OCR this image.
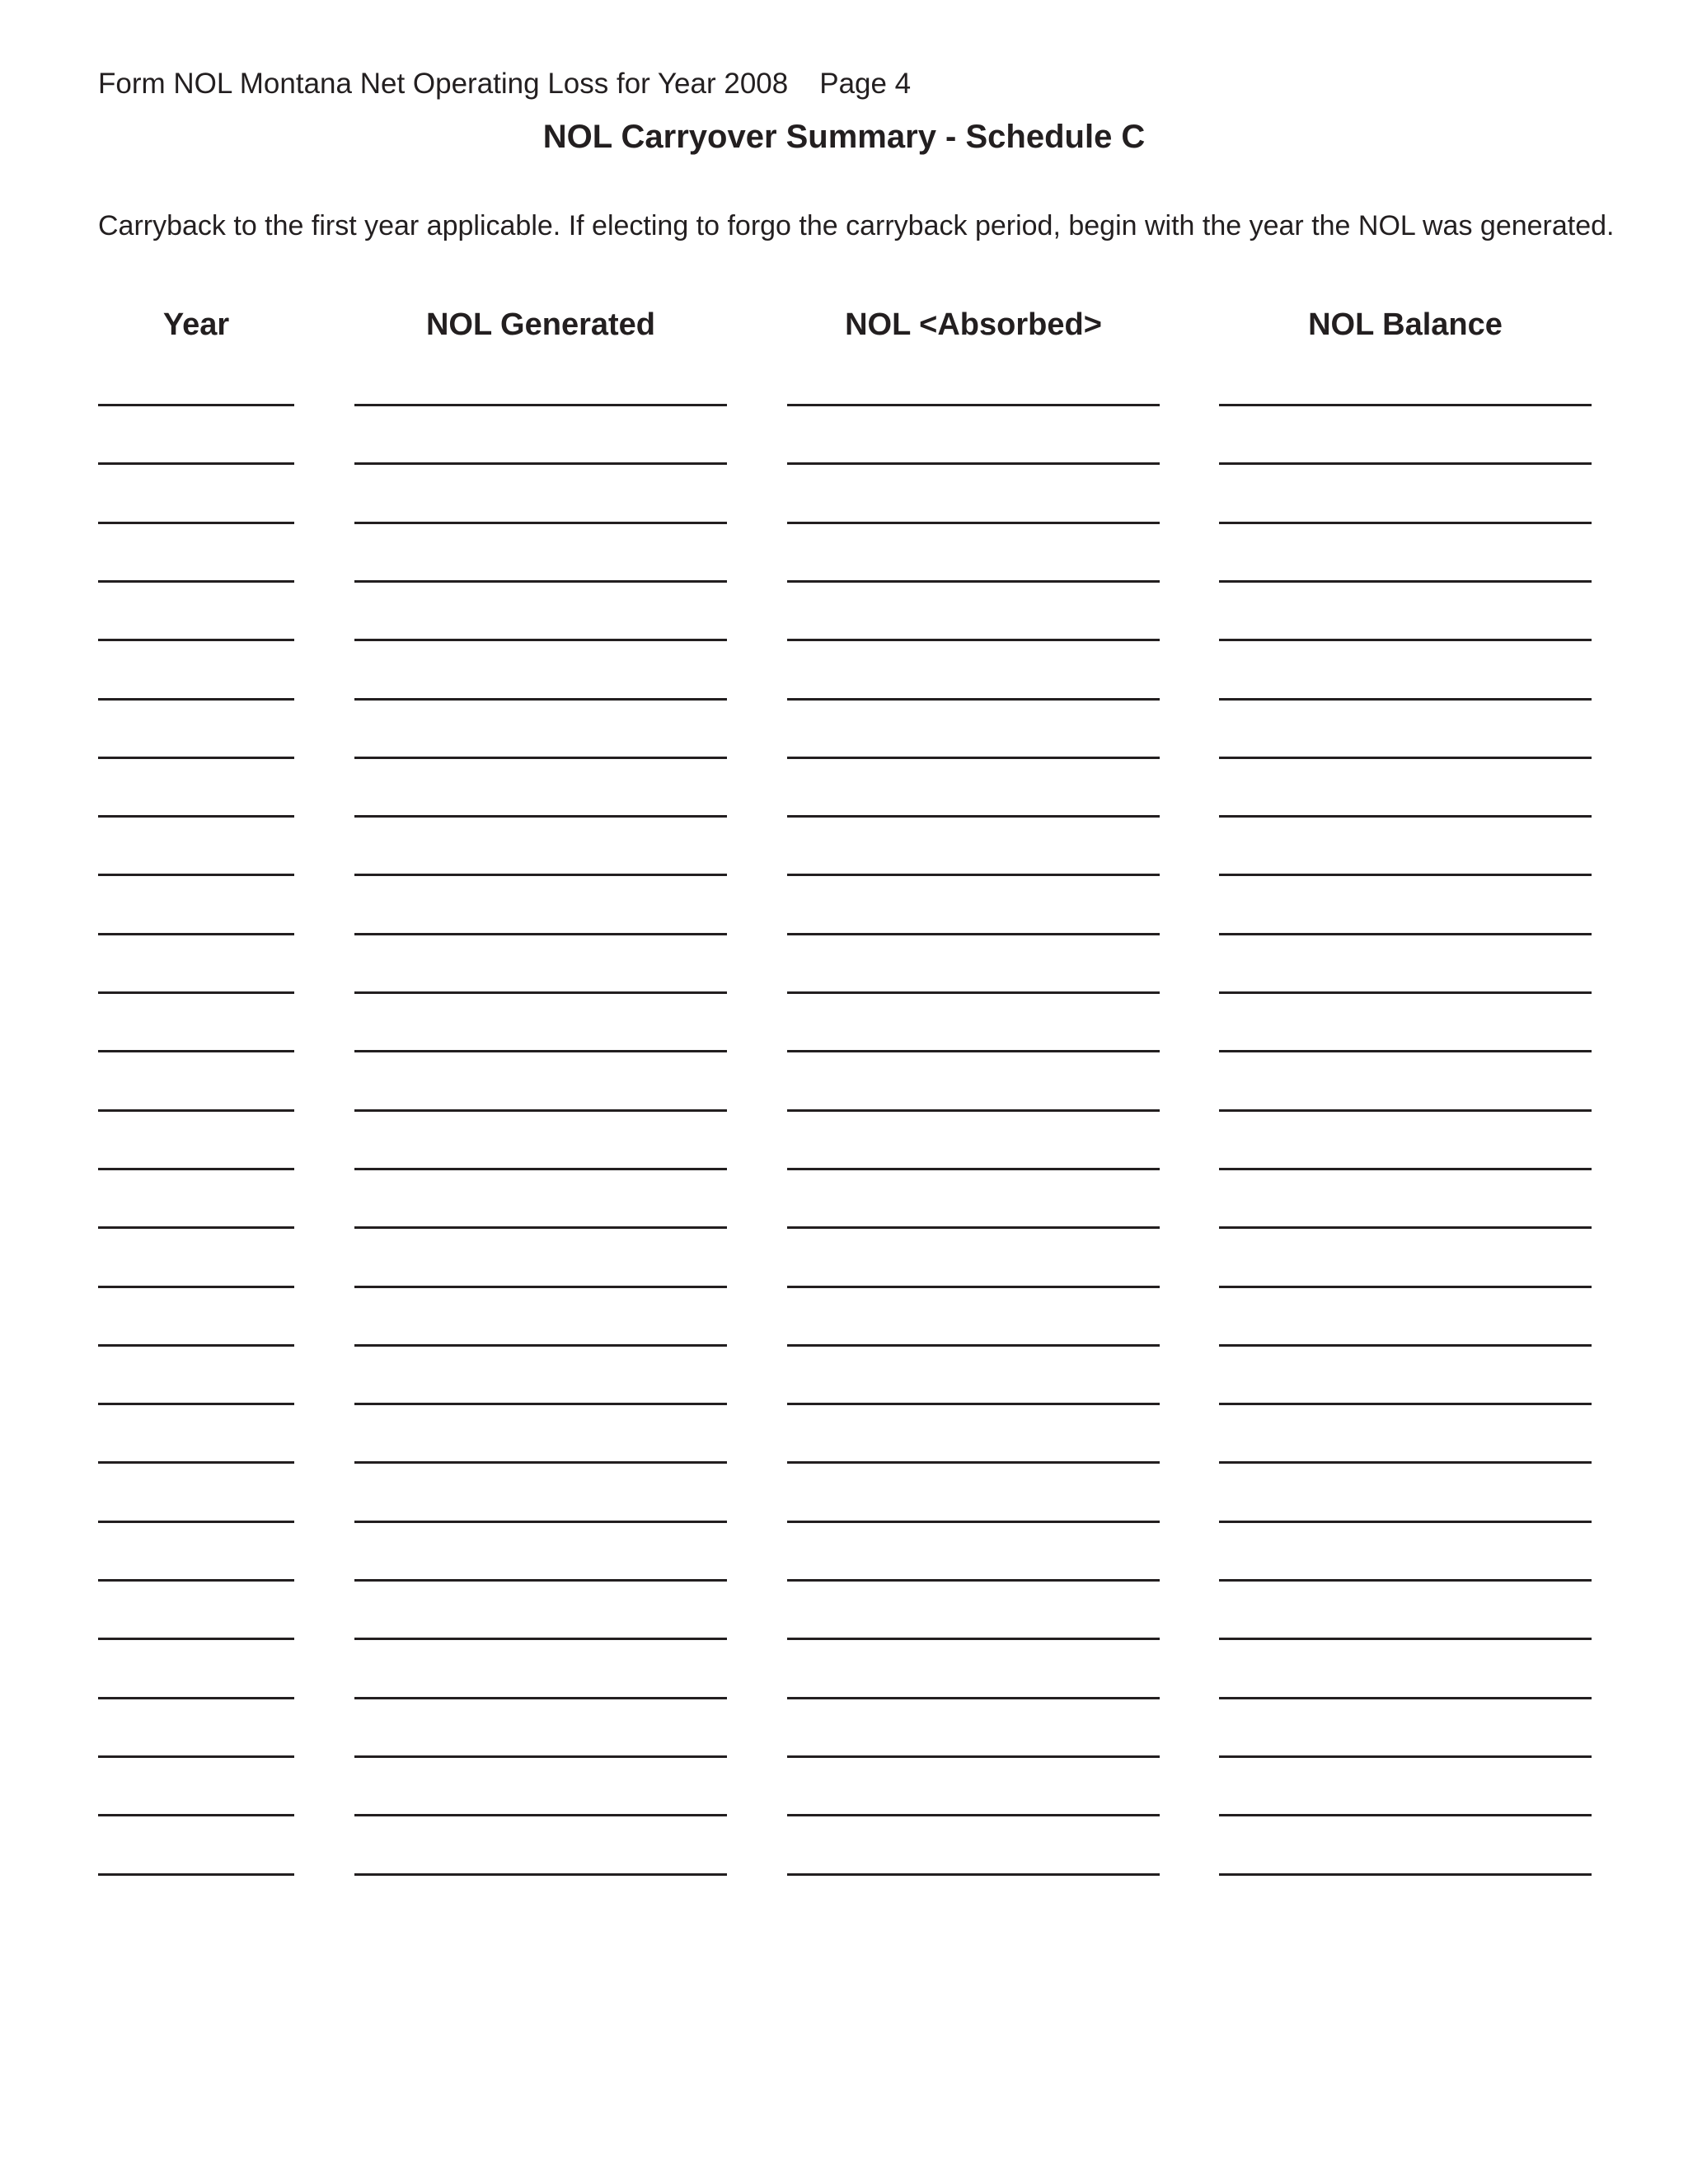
Form NOL Montana Net Operating Loss for Year 2008 Page 4
NOL Carryover Summary - Schedule C
Carryback to the first year applicable. If electing to forgo the carryback period, begin with the year the NOL was generated.
Year	NOL Generated	NOL <Absorbed>	NOL Balance
